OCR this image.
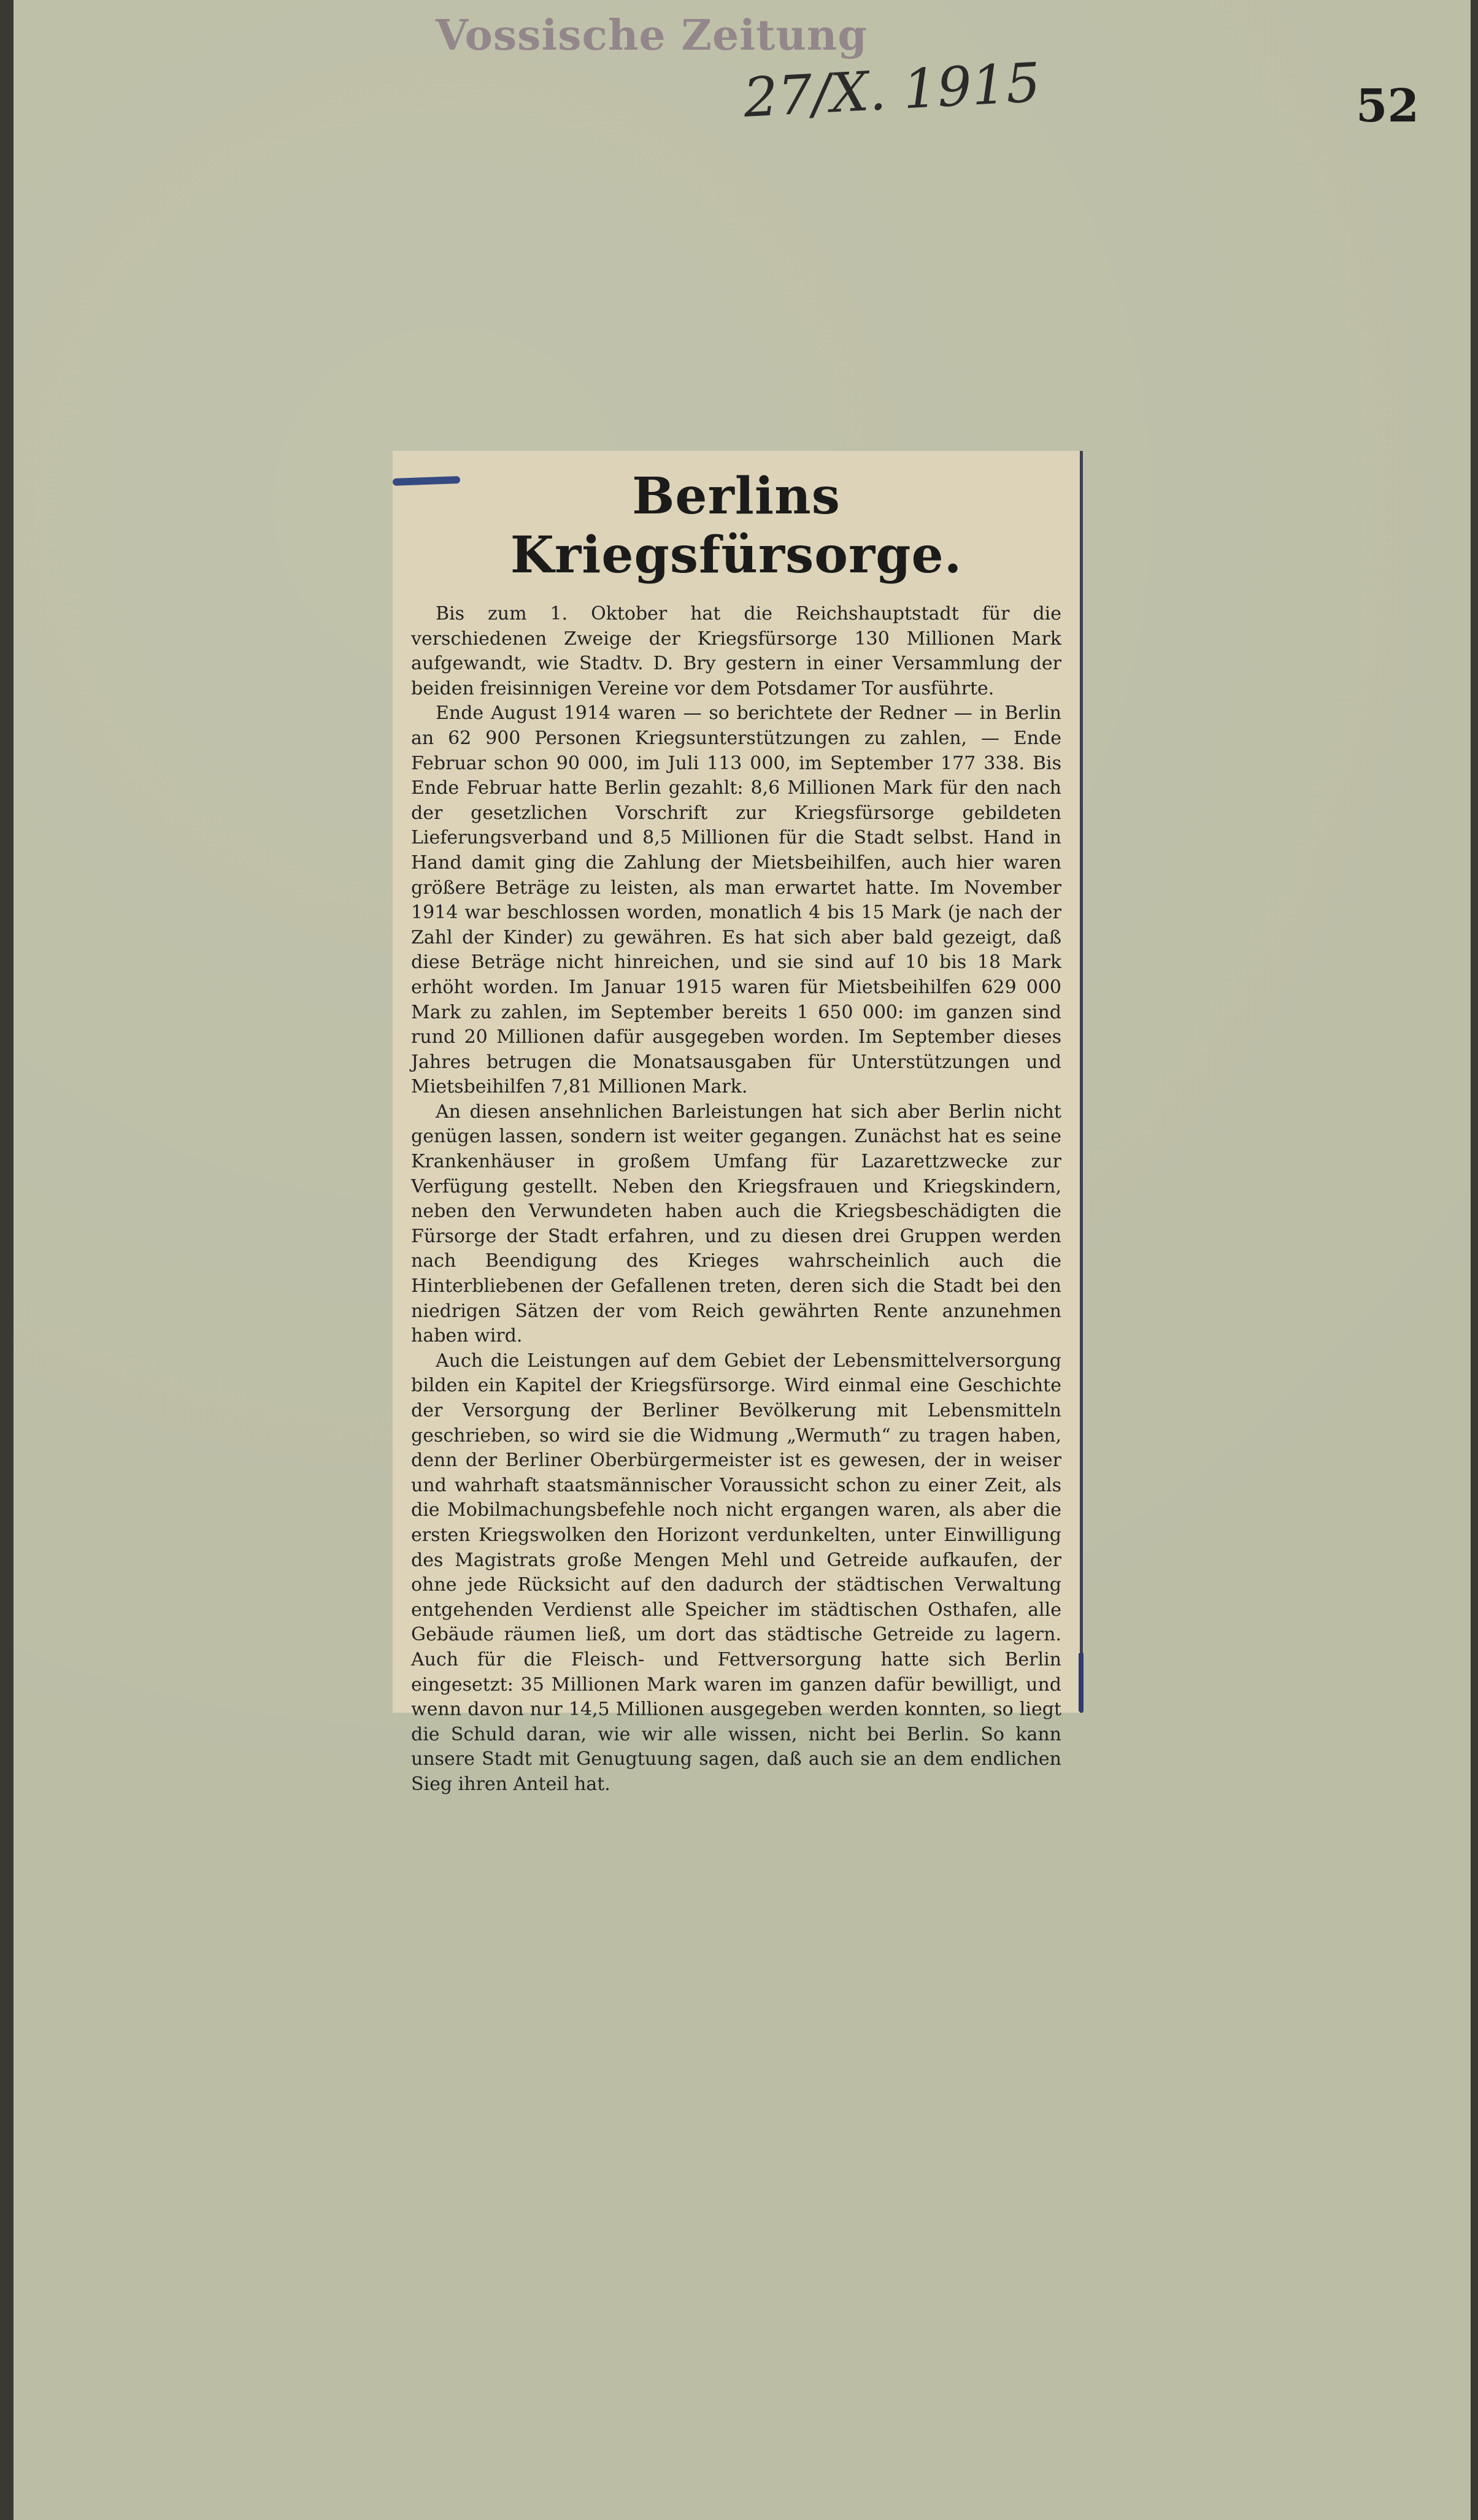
Vossische Zeitung
27/X. 1915	52
Berlins Kriegsfürsorge.

Bis zum 1. Oktober hat die Reichshauptstadt für die verschiedenen Zweige der Kriegsfürsorge 130 Millionen Mark aufgewandt, wie Stadtv. D. Bry gestern in einer Versammlung der beiden freisinnigen Vereine vor dem Potsdamer Tor ausführte.

Ende August 1914 waren — so berichtete der Redner — in Berlin an 62 900 Personen Kriegsunterstützungen zu zahlen, — Ende Februar schon 90 000, im Juli 113 000, im September 177 338. Bis Ende Februar hatte Berlin gezahlt: 8,6 Millionen Mark für den nach der gesetzlichen Vorschrift zur Kriegsfürsorge gebildeten Lieferungsverband und 8,5 Millionen für die Stadt selbst. Hand in Hand damit ging die Zahlung der Mietsbeihilfen, auch hier waren größere Beträge zu leisten, als man erwartet hatte. Im November 1914 war beschlossen worden, monatlich 4 bis 15 Mark (je nach der Zahl der Kinder) zu gewähren. Es hat sich aber bald gezeigt, daß diese Beträge nicht hinreichen, und sie sind auf 10 bis 18 Mark erhöht worden. Im Januar 1915 waren für Mietsbeihilfen 629 000 Mark zu zahlen, im September bereits 1 650 000: im ganzen sind rund 20 Millionen dafür ausgegeben worden. Im September dieses Jahres betrugen die Monatsausgaben für Unterstützungen und Mietsbeihilfen 7,81 Millionen Mark.

An diesen ansehnlichen Barleistungen hat sich aber Berlin nicht genügen lassen, sondern ist weiter gegangen. Zunächst hat es seine Krankenhäuser in großem Umfang für Lazarettzwecke zur Verfügung gestellt. Neben den Kriegsfrauen und Kriegskindern, neben den Verwundeten haben auch die Kriegsbeschädigten die Fürsorge der Stadt erfahren, und zu diesen drei Gruppen werden nach Beendigung des Krieges wahrscheinlich auch die Hinterbliebenen der Gefallenen treten, deren sich die Stadt bei den niedrigen Sätzen der vom Reich gewährten Rente anzunehmen haben wird.

Auch die Leistungen auf dem Gebiet der Lebensmittelversorgung bilden ein Kapitel der Kriegsfürsorge. Wird einmal eine Geschichte der Versorgung der Berliner Bevölkerung mit Lebensmitteln geschrieben, so wird sie die Widmung „Wermuth“ zu tragen haben, denn der Berliner Oberbürgermeister ist es gewesen, der in weiser und wahrhaft staatsmännischer Voraussicht schon zu einer Zeit, als die Mobilmachungsbefehle noch nicht ergangen waren, als aber die ersten Kriegswolken den Horizont verdunkelten, unter Einwilligung des Magistrats große Mengen Mehl und Getreide aufkaufen, der ohne jede Rücksicht auf den dadurch der städtischen Verwaltung entgehenden Verdienst alle Speicher im städtischen Osthafen, alle Gebäude räumen ließ, um dort das städtische Getreide zu lagern. Auch für die Fleisch- und Fettversorgung hatte sich Berlin eingesetzt: 35 Millionen Mark waren im ganzen dafür bewilligt, und wenn davon nur 14,5 Millionen ausgegeben werden konnten, so liegt die Schuld daran, wie wir alle wissen, nicht bei Berlin. So kann unsere Stadt mit Genugtuung sagen, daß auch sie an dem endlichen Sieg ihren Anteil hat.
